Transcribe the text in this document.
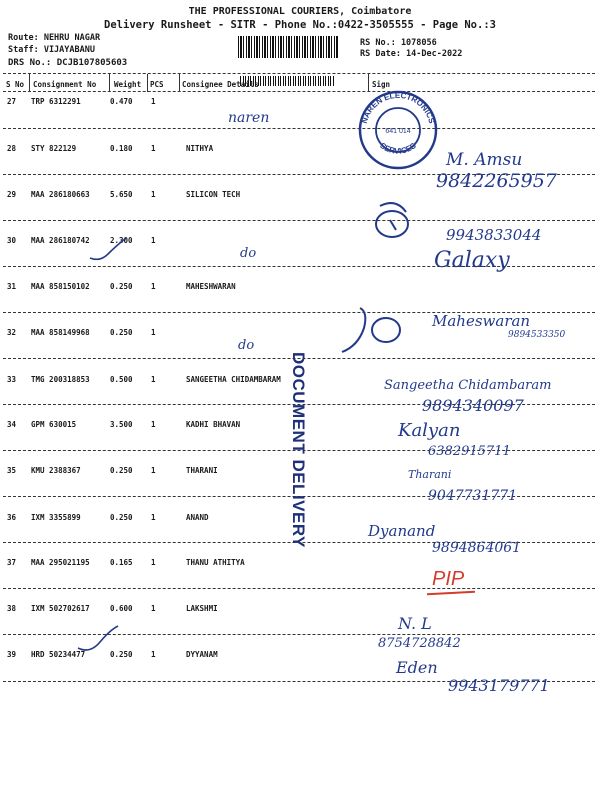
THE PROFESSIONAL COURIERS, Coimbatore
Delivery Runsheet - SITR - Phone No.:0422-3505555 - Page No.:3
Route: NEHRU NAGAR
Staff: VIJAYABANU
DRS No.: DCJB107805603
RS No.: 1078056
RS Date: 14-Dec-2022
S No Consignment No Weight PCS Consignee Details	Sign
27 TRP 6312291	0.470 1
28 STY 822129	0.180 1	NITHYA
29 MAA 286180663	5.650 1	SILICON TECH
30 MAA 286180742	2.300 1
31 MAA 858150102	0.250 1	MAHESHWARAN
32 MAA 858149968	0.250 1
33 TMG 200318853	0.500 1	SANGEETHA CHIDAMBARAM
34 GPM 630015	3.500 1	KADHI BHAVAN
35 KMU 2388367	0.250 1	THARANI
36 IXM 3355899	0.250 1	ANAND
37 MAA 295021195	0.165 1	THANU ATHITYA
38 IXM 502702617	0.600 1	LAKSHMI
39 HRD 50234477	0.250 1	DYYANAM
NAREN ELECTRONICS
SERVICES
641 014
DOCUMENT DELIVERY
naren
M. Amsu
9842265957
do
9943833044
Galaxy
Maheswaran
9894533350
do
Sangeetha Chidambaram
9894340097
Kalyan
6382915711
Tharani
9047731771
Dyanand
9894864061
PIP
N. L
8754728842
Eden
9943179771
